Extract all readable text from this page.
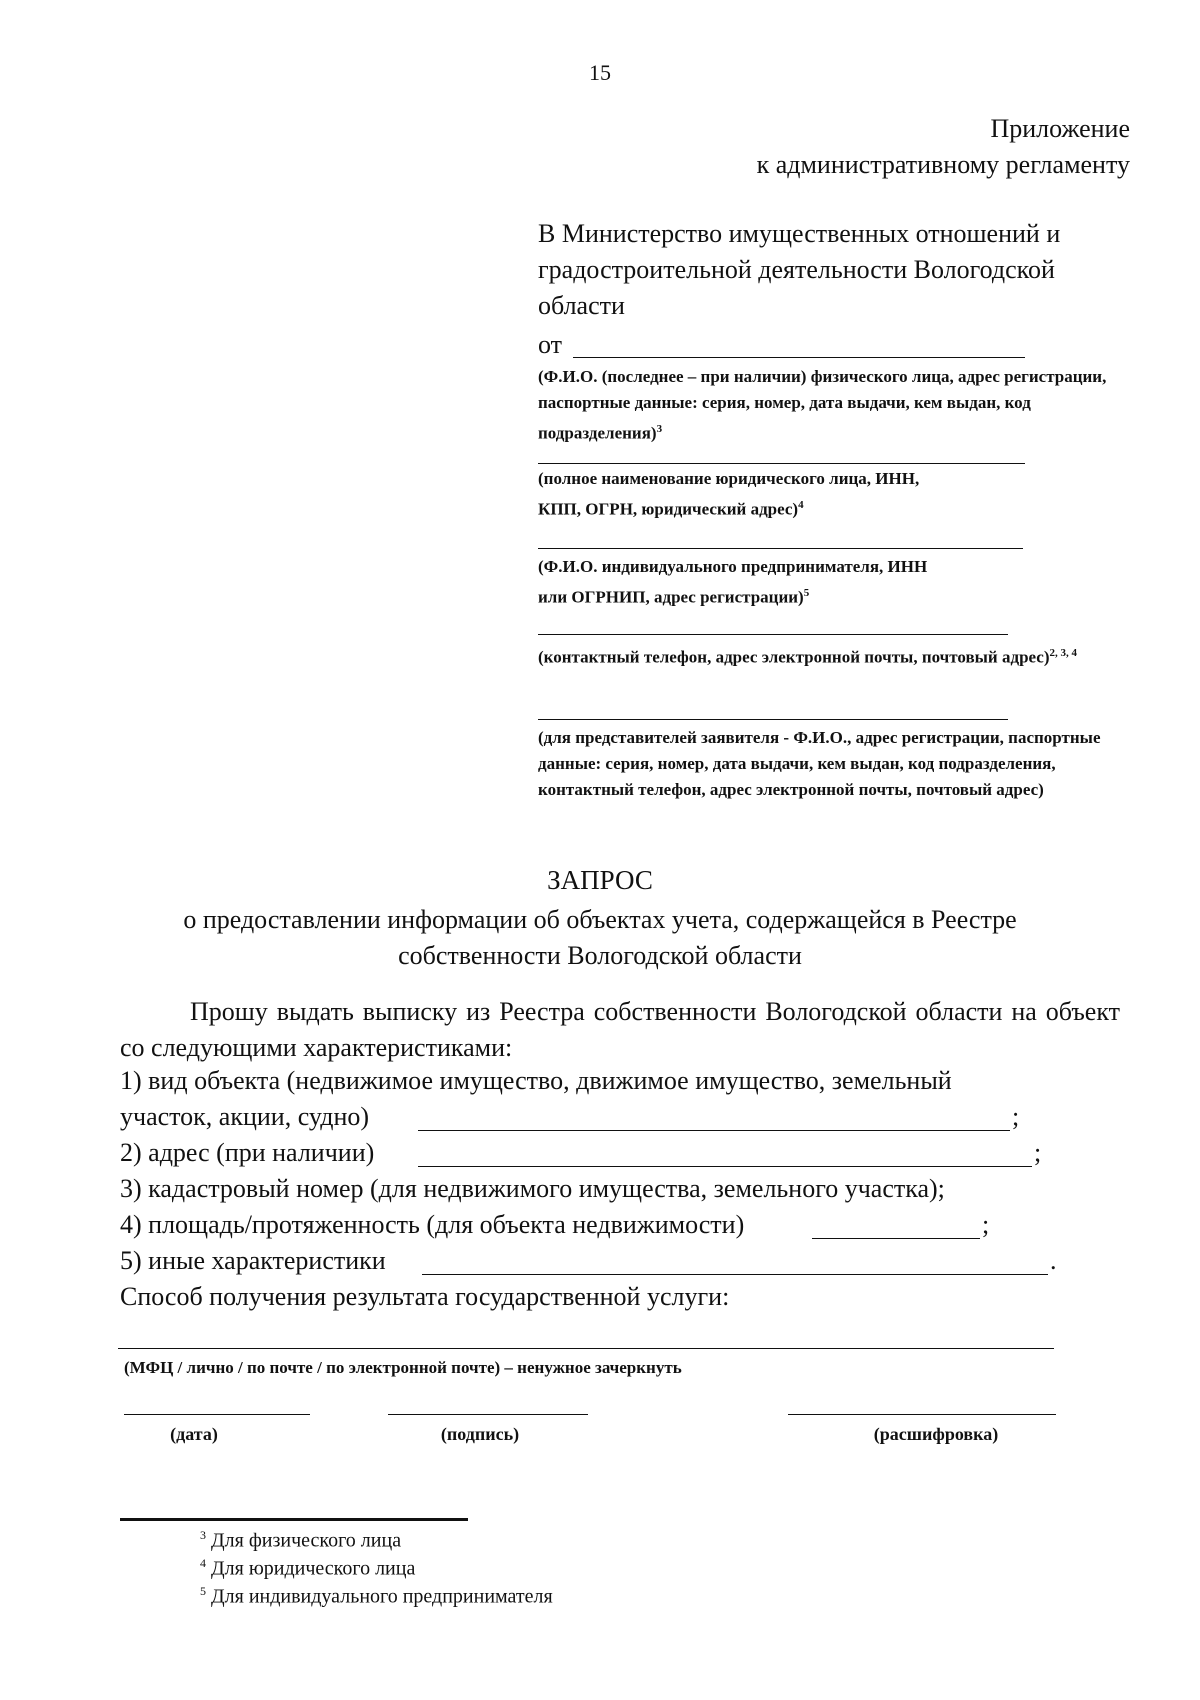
15
Приложение
к административному регламенту
В Министерство имущественных отношений и градостроительной деятельности Вологодской области
от
(Ф.И.О. (последнее – при наличии) физического лица, адрес регистрации, паспортные данные: серия, номер, дата выдачи, кем выдан, код подразделения)$^3$
(полное наименование юридического лица, ИНН, КПП, ОГРН, юридический адрес)$^4$
(Ф.И.О. индивидуального предпринимателя, ИНН или ОГРНИП, адрес регистрации)$^5$
(контактный телефон, адрес электронной почты, почтовый адрес)$^{2, 3, 4}$
(для представителей заявителя - Ф.И.О., адрес регистрации, паспортные данные: серия, номер, дата выдачи, кем выдан, код подразделения, контактный телефон, адрес электронной почты, почтовый адрес)
ЗАПРОС
о предоставлении информации об объектах учета, содержащейся в Реестре собственности Вологодской области
Прошу выдать выписку из Реестра собственности Вологодской области на объект со следующими характеристиками:
1) вид объекта (недвижимое имущество, движимое имущество, земельный
участок, акции, судно)	;
2) адрес (при наличии)	;
3) кадастровый номер (для недвижимого имущества, земельного участка);
4) площадь/протяженность (для объекта недвижимости)	;
5) иные характеристики	.
Способ получения результата государственной услуги:
(МФЦ / лично / по почте / по электронной почте) – ненужное зачеркнуть
(дата)	(подпись)	(расшифровка)
$^3$ Для физического лица
$^4$ Для юридического лица
$^5$ Для индивидуального предпринимателя
